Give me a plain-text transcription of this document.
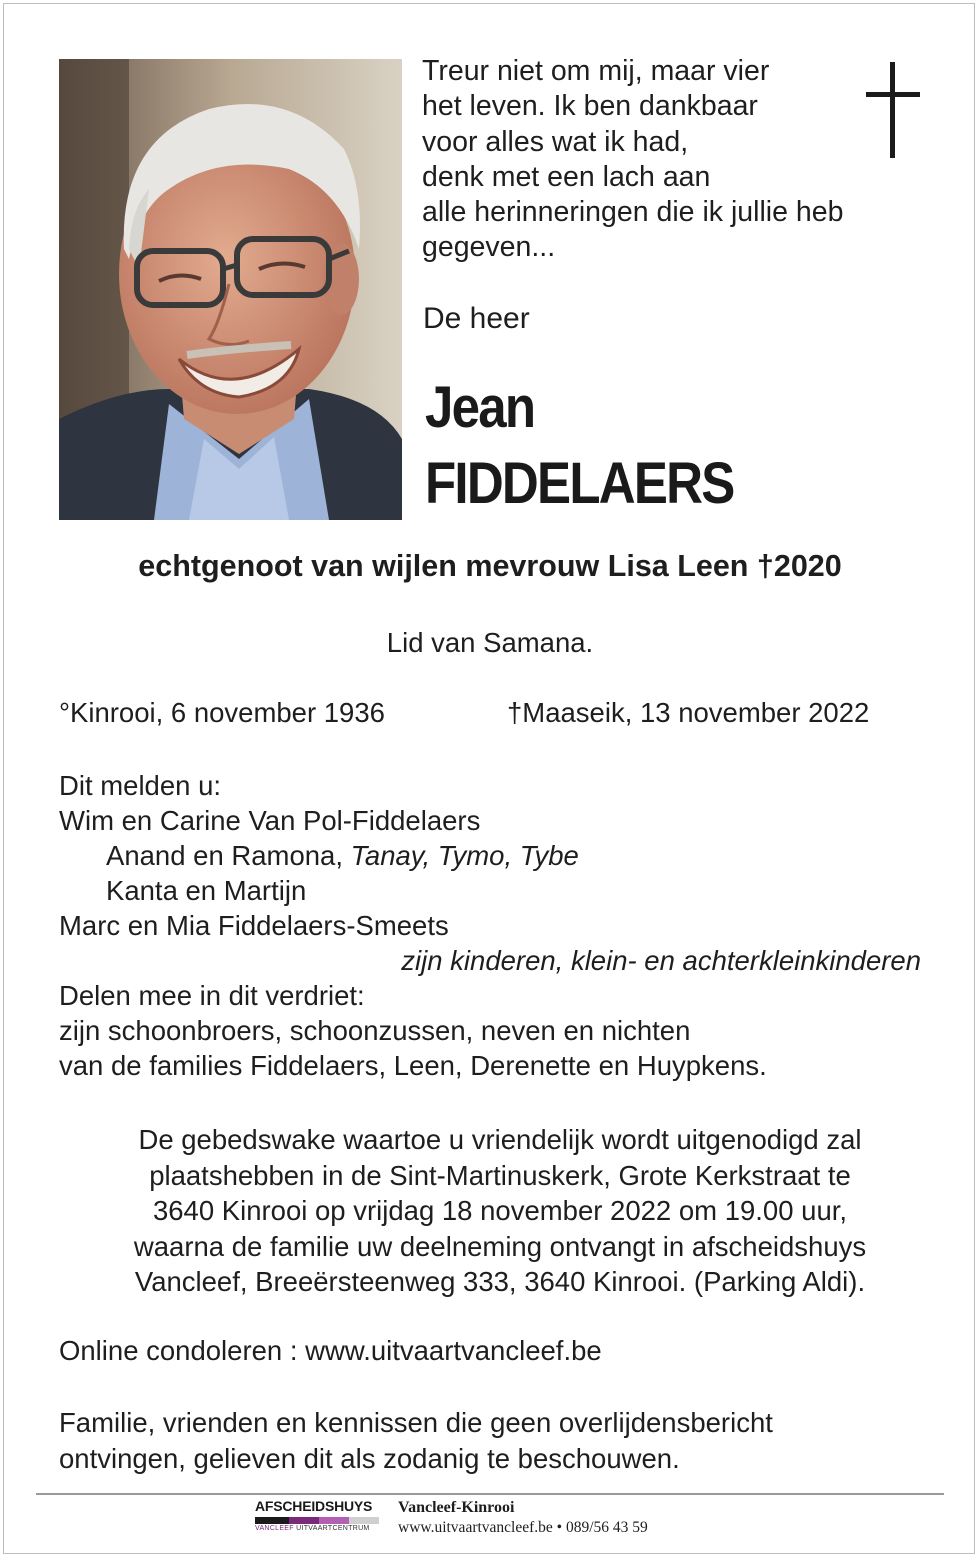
Treur niet om mij, maar vier
het leven. Ik ben dankbaar
voor alles wat ik had,
denk met een lach aan
alle herinneringen die ik jullie heb
gegeven...
De heer
Jean
FIDDELAERS
echtgenoot van wijlen mevrouw Lisa Leen †2020
Lid van Samana.
°Kinrooi, 6 november 1936	†Maaseik, 13 november 2022
Dit melden u:
Wim en Carine Van Pol-Fiddelaers
Anand en Ramona, Tanay, Tymo, Tybe
Kanta en Martijn
Marc en Mia Fiddelaers-Smeets
zijn kinderen, klein- en achterkleinkinderen
Delen mee in dit verdriet:
zijn schoonbroers, schoonzussen, neven en nichten
van de families Fiddelaers, Leen, Derenette en Huypkens.
De gebedswake waartoe u vriendelijk wordt uitgenodigd zal
plaatshebben in de Sint-Martinuskerk, Grote Kerkstraat te
3640 Kinrooi op vrijdag 18 november 2022 om 19.00 uur,
waarna de familie uw deelneming ontvangt in afscheidshuys
Vancleef, Breeërsteenweg 333, 3640 Kinrooi. (Parking Aldi).
Online condoleren : www.uitvaartvancleef.be
Familie, vrienden en kennissen die geen overlijdensbericht
ontvingen, gelieven dit als zodanig te beschouwen.
AFSCHEIDSHUYS
VANCLEEF UITVAARTCENTRUM
Vancleef-Kinrooi
www.uitvaartvancleef.be • 089/56 43 59
